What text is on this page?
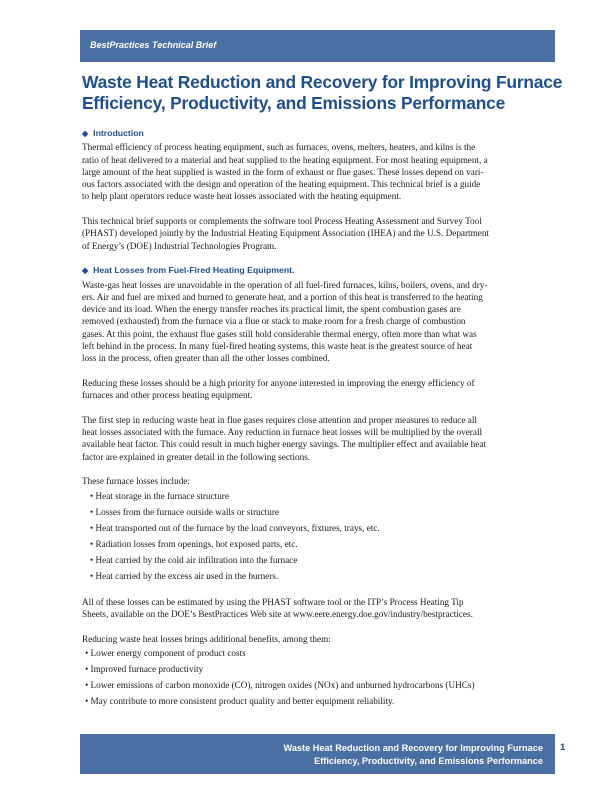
BestPractices Technical Brief
Waste Heat Reduction and Recovery for Improving Furnace
Efficiency, Productivity, and Emissions Performance
◆ Introduction

Thermal efficiency of process heating equipment, such as furnaces, ovens, melters, heaters, and kilns is the
ratio of heat delivered to a material and heat supplied to the heating equipment. For most heating equipment, a
large amount of the heat supplied is wasted in the form of exhaust or flue gases. These losses depend on vari-
ous factors associated with the design and operation of the heating equipment. This technical brief is a guide
to help plant operators reduce waste heat losses associated with the heating equipment.

This technical brief supports or complements the software tool Process Heating Assessment and Survey Tool
(PHAST) developed jointly by the Industrial Heating Equipment Association (IHEA) and the U.S. Department
of Energy’s (DOE) Industrial Technologies Program.

◆ Heat Losses from Fuel-Fired Heating Equipment.

Waste-gas heat losses are unavoidable in the operation of all fuel-fired furnaces, kilns, boilers, ovens, and dry-
ers. Air and fuel are mixed and burned to generate heat, and a portion of this heat is transferred to the heating
device and its load. When the energy transfer reaches its practical limit, the spent combustion gases are
removed (exhausted) from the furnace via a flue or stack to make room for a fresh charge of combustion
gases. At this point, the exhaust flue gases still hold considerable thermal energy, often more than what was
left behind in the process. In many fuel-fired heating systems, this waste heat is the greatest source of heat
loss in the process, often greater than all the other losses combined.

Reducing these losses should be a high priority for anyone interested in improving the energy efficiency of
furnaces and other process heating equipment.

The first step in reducing waste heat in flue gases requires close attention and proper measures to reduce all
heat losses associated with the furnace. Any reduction in furnace heat losses will be multiplied by the overall
available heat factor. This could result in much higher energy savings. The multiplier effect and available heat
factor are explained in greater detail in the following sections.

These furnace losses include:
• Heat storage in the furnace structure
• Losses from the furnace outside walls or structure
• Heat transported out of the furnace by the load conveyors, fixtures, trays, etc.
• Radiation losses from openings, hot exposed parts, etc.
• Heat carried by the cold air infiltration into the furnace
• Heat carried by the excess air used in the burners.

All of these losses can be estimated by using the PHAST software tool or the ITP’s Process Heating Tip
Sheets, available on the DOE’s BestPractices Web site at www.eere.energy.doe.gov/industry/bestpractices.

Reducing waste heat losses brings additional benefits, among them:
• Lower energy component of product costs
• Improved furnace productivity
• Lower emissions of carbon monoxide (CO), nitrogen oxides (NOx) and unburned hydrocarbons (UHCs)
• May contribute to more consistent product quality and better equipment reliability.
Waste Heat Reduction and Recovery for Improving Furnace
Efficiency, Productivity, and Emissions Performance
1
